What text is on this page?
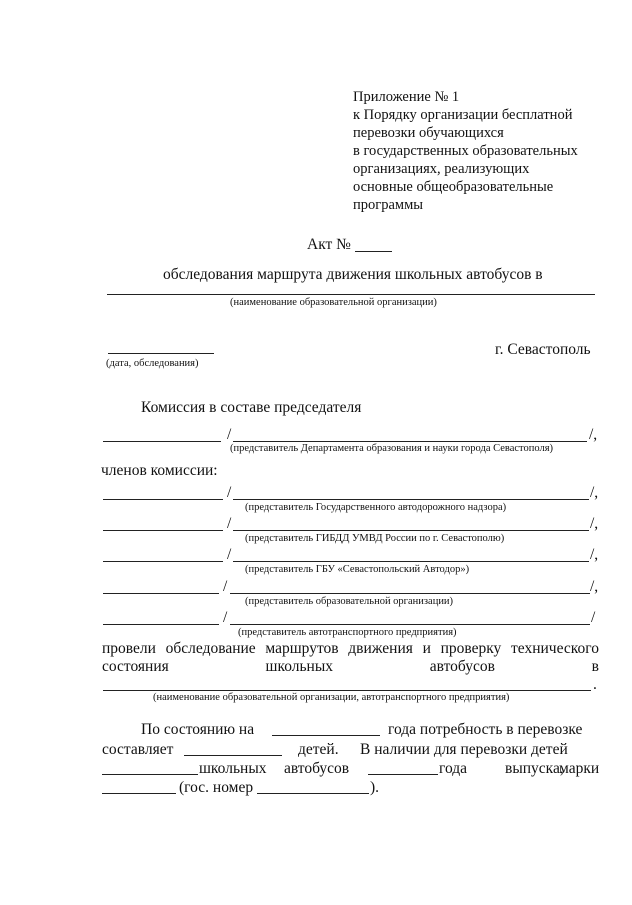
Приложение № 1
к Порядку организации бесплатной
перевозки обучающихся
в государственных образовательных
организациях, реализующих
основные общеобразовательные
программы
Акт №
обследования маршрута движения школьных автобусов в
(наименование образовательной организации)
(дата, обследования)
г. Севастополь
Комиссия в составе председателя
/	/,
(представитель Департамента образования и науки города Севастополя)
членов комиссии:
/	/,
(представитель Государственного автодорожного надзора)
/	/,
(представитель ГИБДД УМВД России по г. Севастополю)
/	/,
(представитель ГБУ «Севастопольский Автодор»)
/	/,
(представитель образовательной организации)
/	/
(представитель автотранспортного предприятия)
провели обследование маршрутов движения и проверку технического
состояния	школьных	автобусов	в
.
(наименование образовательной организации, автотранспортного предприятия)
По состоянию на	года потребность в перевозке
составляет	детей. В наличии для перевозки детей
школьных автобусов	года выпуска,
марки
(гос. номер	).
